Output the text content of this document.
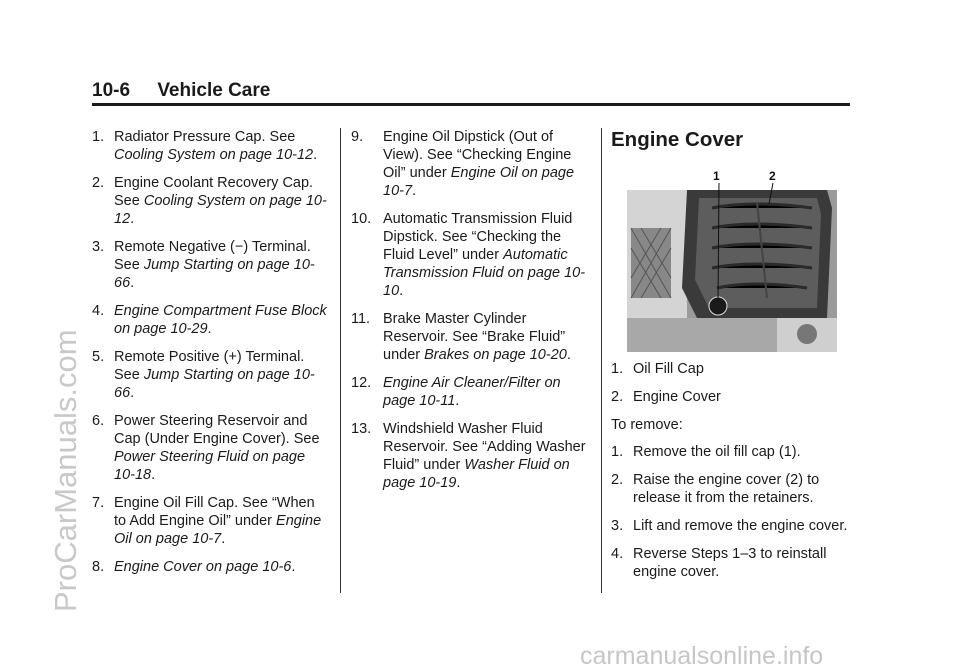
10-6 Vehicle Care
1. Radiator Pressure Cap. See Cooling System on page 10-12.
2. Engine Coolant Recovery Cap. See Cooling System on page 10-12.
3. Remote Negative (−) Terminal. See Jump Starting on page 10-66.
4. Engine Compartment Fuse Block on page 10-29.
5. Remote Positive (+) Terminal. See Jump Starting on page 10-66.
6. Power Steering Reservoir and Cap (Under Engine Cover). See Power Steering Fluid on page 10-18.
7. Engine Oil Fill Cap. See “When to Add Engine Oil” under Engine Oil on page 10-7.
8. Engine Cover on page 10-6.
9.	Engine Oil Dipstick (Out of View). See “Checking Engine Oil” under Engine Oil on page 10-7.
10. Automatic Transmission Fluid Dipstick. See “Checking the Fluid Level” under Automatic Transmission Fluid on page 10-10.
11. Brake Master Cylinder Reservoir. See “Brake Fluid” under Brakes on page 10-20.
12. Engine Air Cleaner/Filter on page 10-11.
13. Windshield Washer Fluid Reservoir. See “Adding Washer Fluid” under Washer Fluid on page 10-19.
Engine Cover
1	2
1. Oil Fill Cap
2. Engine Cover
To remove:
1. Remove the oil fill cap (1).
2. Raise the engine cover (2) to release it from the retainers.
3. Lift and remove the engine cover.
4. Reverse Steps 1–3 to reinstall engine cover.
ProCarManuals.com
carmanualsonline.info
